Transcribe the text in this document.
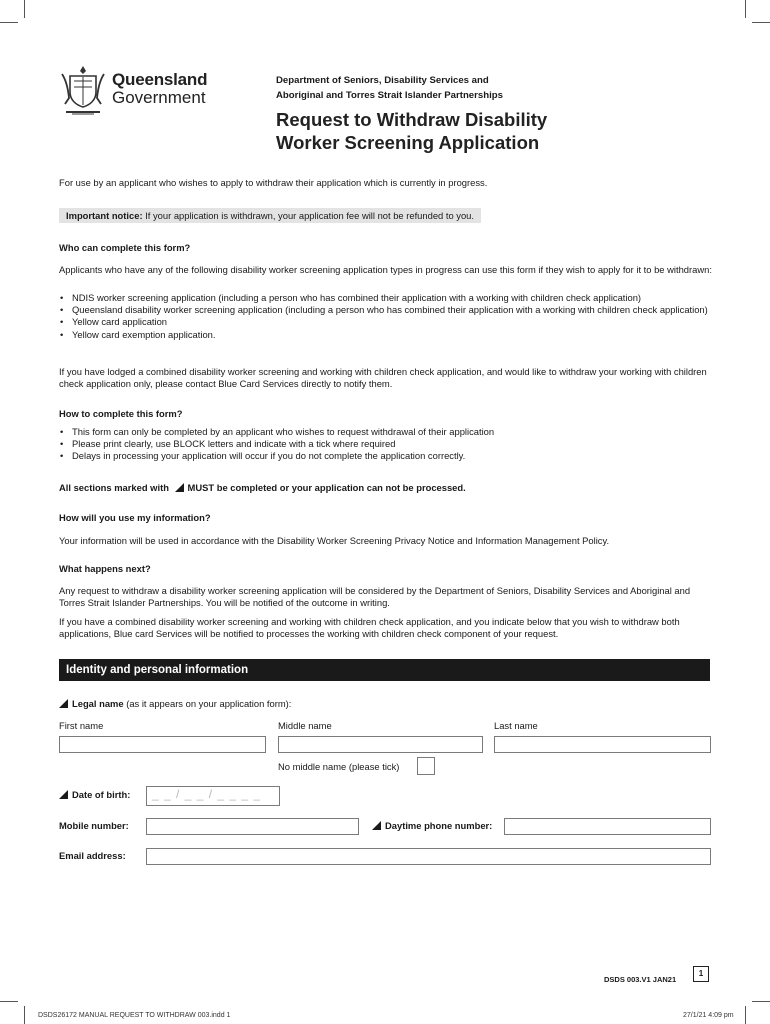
Queensland
Government
Department of Seniors, Disability Services and
Aboriginal and Torres Strait Islander Partnerships
Request to Withdraw Disability
Worker Screening Application
For use by an applicant who wishes to apply to withdraw their application which is currently in progress.
Important notice: If your application is withdrawn, your application fee will not be refunded to you.
Who can complete this form?
Applicants who have any of the following disability worker screening application types in progress can use this form if they wish to apply for it to be withdrawn:
• NDIS worker screening application (including a person who has combined their application with a working with children check application)
• Queensland disability worker screening application (including a person who has combined their application with a working with children check application)
• Yellow card application
• Yellow card exemption application.
If you have lodged a combined disability worker screening and working with children check application, and would like to withdraw your working with children check application only, please contact Blue Card Services directly to notify them.
How to complete this form?
• This form can only be completed by an applicant who wishes to request withdrawal of their application
• Please print clearly, use BLOCK letters and indicate with a tick where required
• Delays in processing your application will occur if you do not complete the application correctly.
All sections marked with MUST be completed or your application can not be processed.
How will you use my information?
Your information will be used in accordance with the Disability Worker Screening Privacy Notice and Information Management Policy.
What happens next?
Any request to withdraw a disability worker screening application will be considered by the Department of Seniors, Disability Services and Aboriginal and Torres Strait Islander Partnerships. You will be notified of the outcome in writing.
If you have a combined disability worker screening and working with children check application, and you indicate below that you wish to withdraw both applications, Blue card Services will be notified to processes the working with children check component of your request.
Identity and personal information
Legal name (as it appears on your application form):
First name	Middle name	Last name
No middle name (please tick)
Date of birth: _ _ / _ _ / _ _ _ _
Mobile number:	Daytime phone number:
Email address:
DSDS 003.V1 JAN21
1
DSDS26172 MANUAL REQUEST TO WITHDRAW 003.indd 1	27/1/21 4:09 pm
